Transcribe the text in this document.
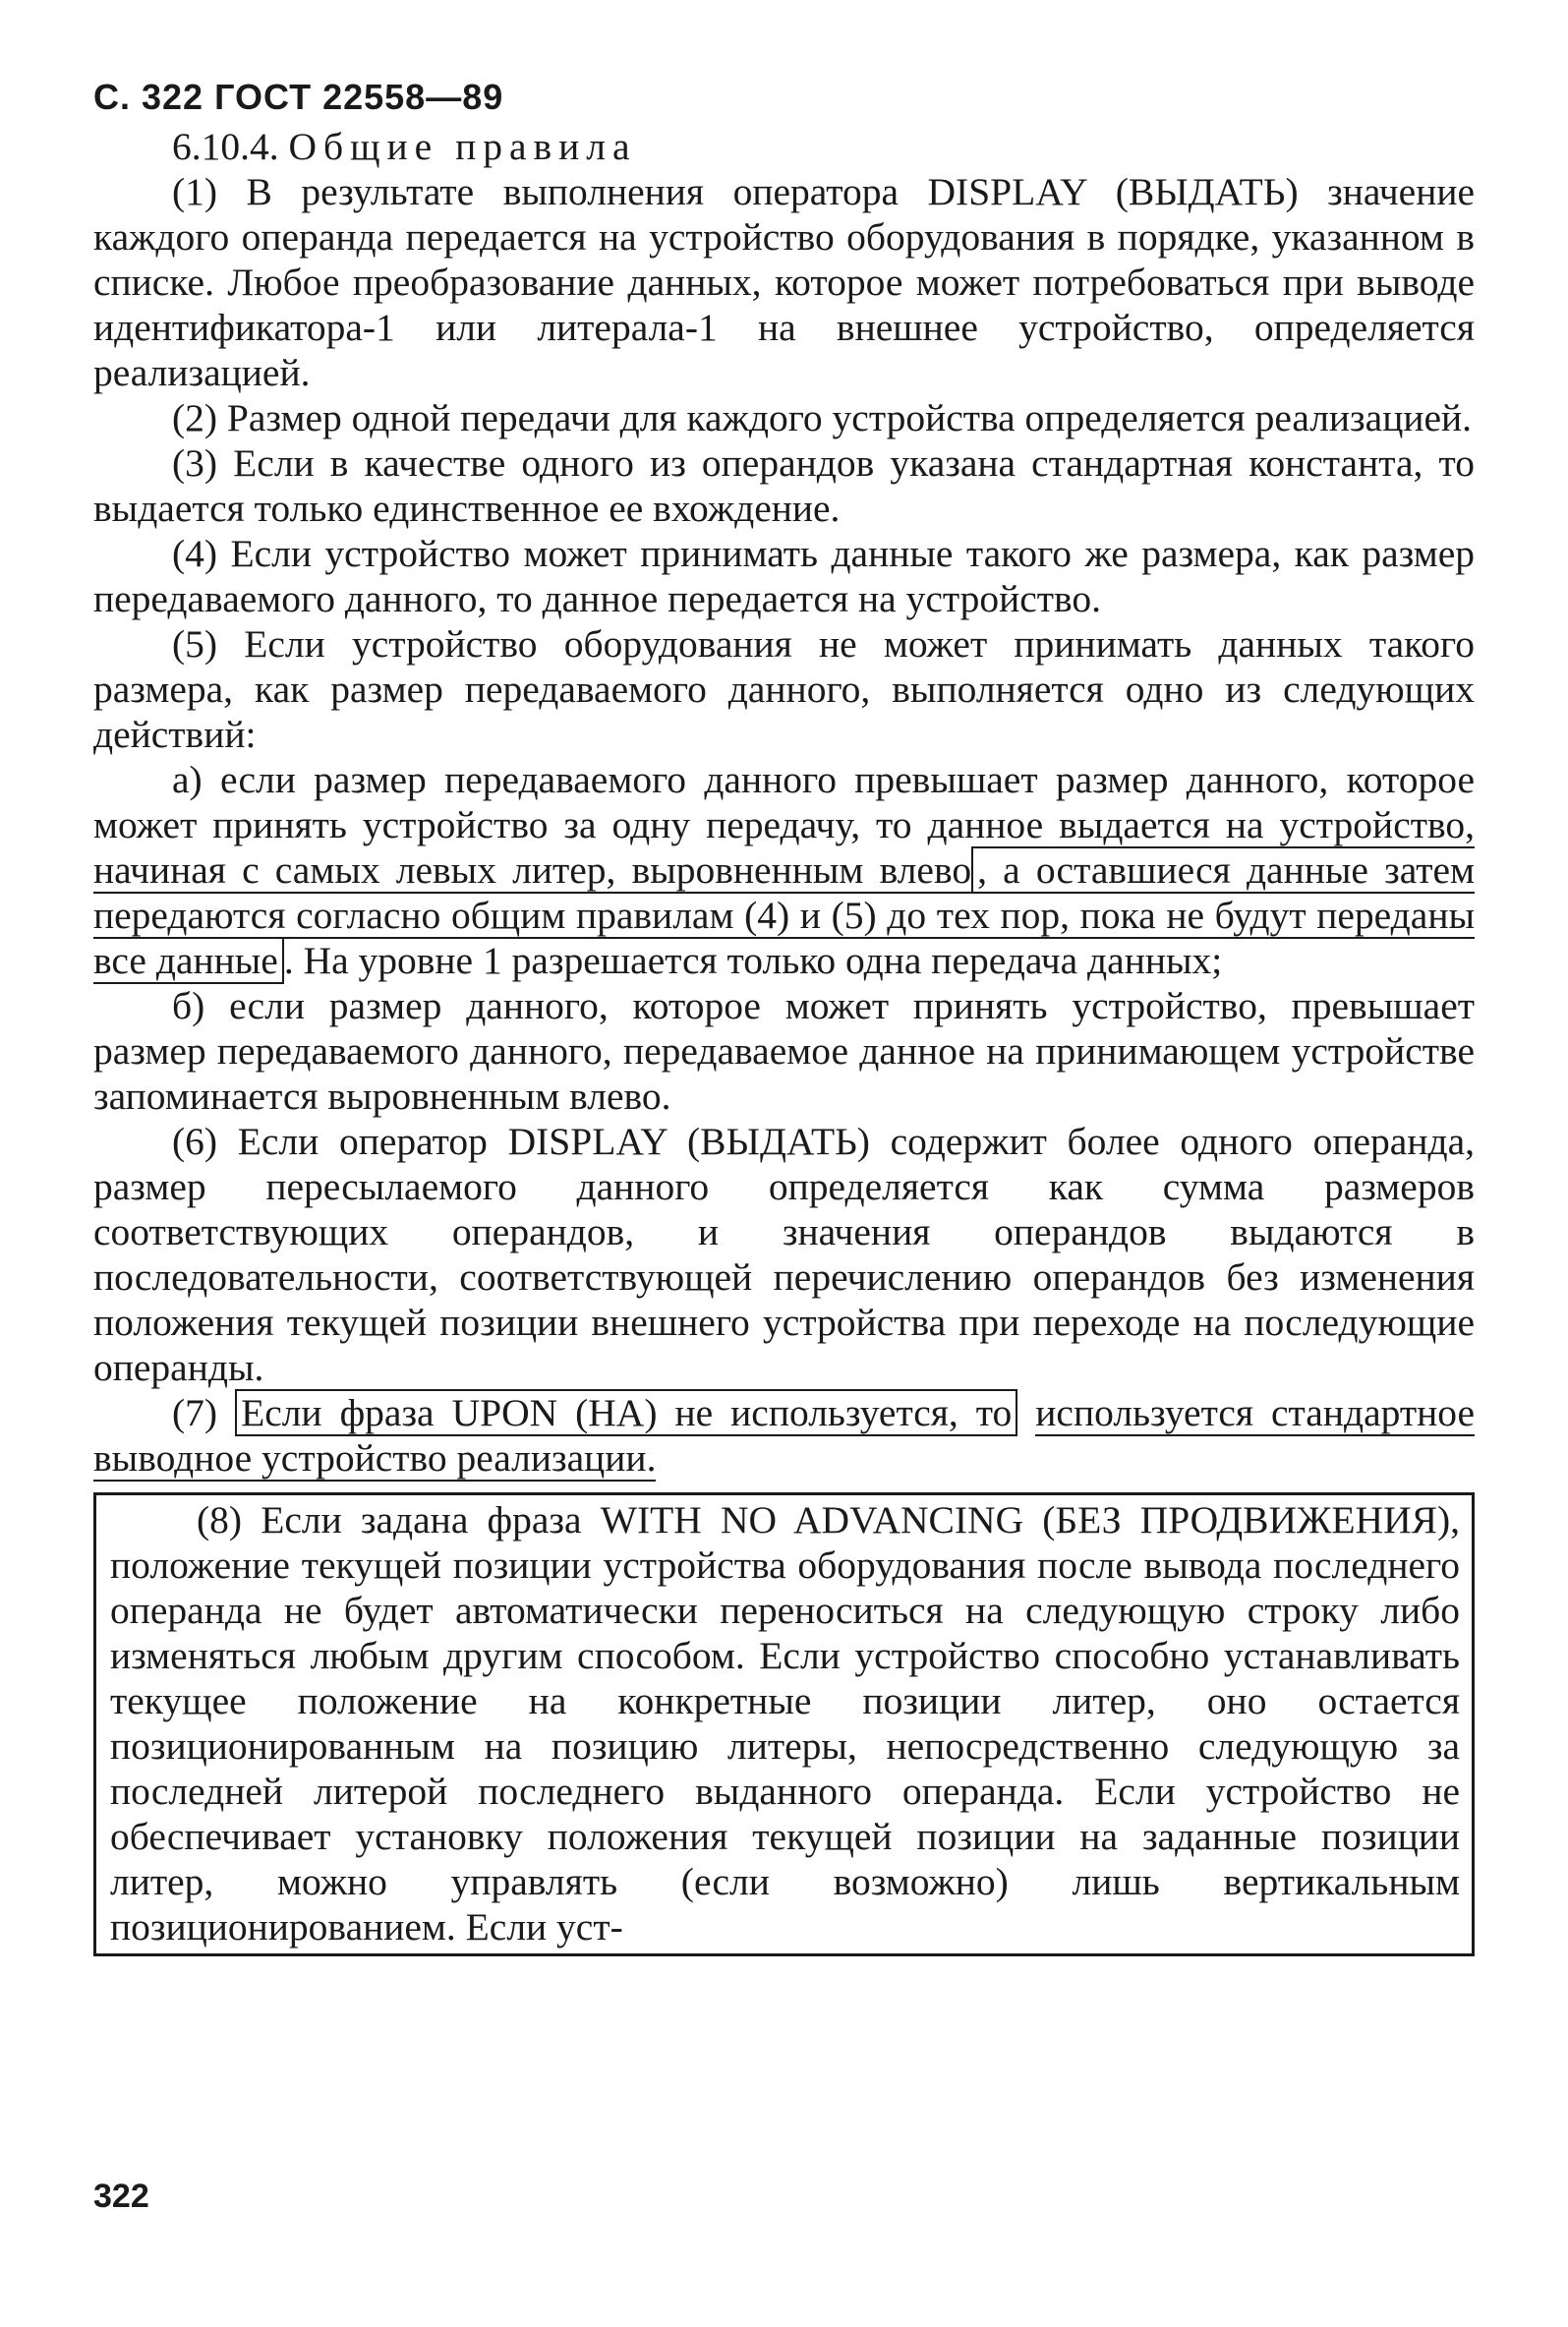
С. 322 ГОСТ 22558—89

6.10.4. Общие правила

(1) В результате выполнения оператора DISPLAY (ВЫДАТЬ) значение каждого операнда передается на устройство оборудования в порядке, указанном в списке. Любое преобразование данных, которое может потребоваться при выводе идентификатора-1 или литерала-1 на внешнее устройство, определяется реализацией.

(2) Размер одной передачи для каждого устройства определяется реализацией.

(3) Если в качестве одного из операндов указана стандартная константа, то выдается только единственное ее вхождение.

(4) Если устройство может принимать данные такого же размера, как размер передаваемого данного, то данное передается на устройство.

(5) Если устройство оборудования не может принимать данных такого размера, как размер передаваемого данного, выполняется одно из следующих действий:

а) если размер передаваемого данного превышает размер данного, которое может принять устройство за одну передачу, то данное выдается на устройство, начиная с самых левых литер, выровненным влево , а оставшиеся данные затем передаются согласно общим правилам (4) и (5) до тех пор, пока не будут переданы все данные . На уровне 1 разрешается только одна передача данных;

б) если размер данного, которое может принять устройство, превышает размер передаваемого данного, передаваемое данное на принимающем устройстве запоминается выровненным влево.

(6) Если оператор DISPLAY (ВЫДАТЬ) содержит более одного операнда, размер пересылаемого данного определяется как сумма размеров соответствующих операндов, и значения операндов выдаются в последовательности, соответствующей перечислению операндов без изменения положения текущей позиции внешнего устройства при переходе на последующие операнды.

(7) Если фраза UPON (НА) не используется, то используется стандартное выводное устройство реализации.

(8) Если задана фраза WITH NO ADVANCING (БЕЗ ПРОДВИЖЕНИЯ), положение текущей позиции устройства оборудования после вывода последнего операнда не будет автоматически переноситься на следующую строку либо изменяться любым другим способом. Если устройство способно устанавливать текущее положение на конкретные позиции литер, оно остается позиционированным на позицию литеры, непосредственно следующую за последней литерой последнего выданного операнда. Если устройство не обеспечивает установку положения текущей позиции на заданные позиции литер, можно управлять (если возможно) лишь вертикальным позиционированием. Если уст-

322
